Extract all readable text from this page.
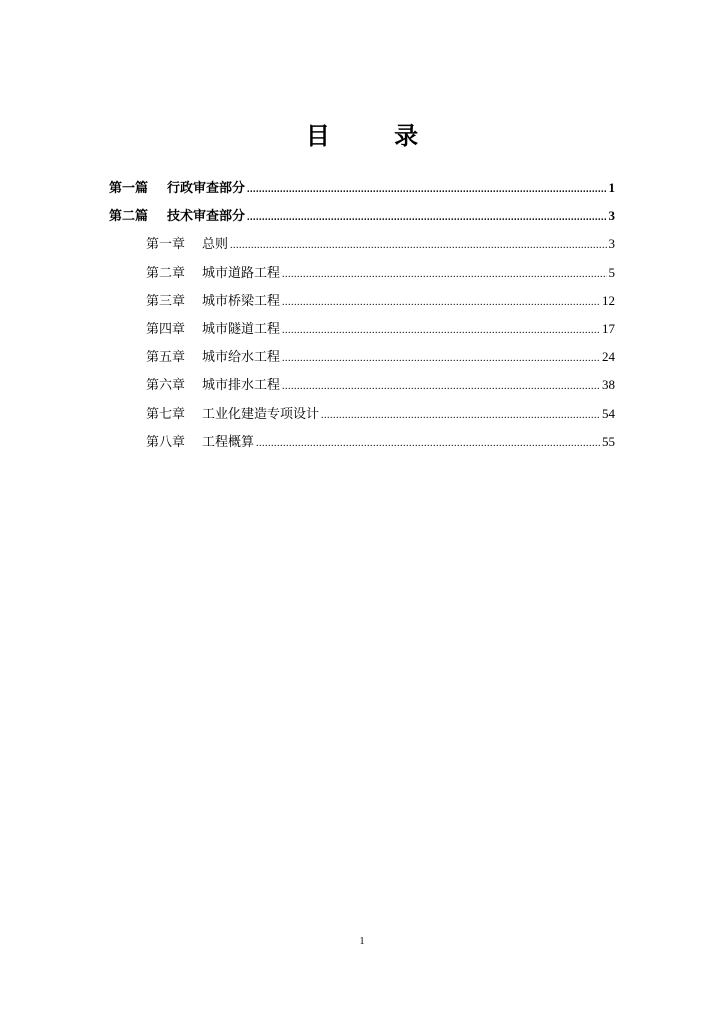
目 录
第一篇	行政审查部分 .....	1
第二篇	技术审查部分 .....	3
第一章	总则 .....	3
第二章	城市道路工程 .....	5
第三章	城市桥梁工程 .....	12
第四章	城市隧道工程 .....	17
第五章	城市给水工程 .....	24
第六章	城市排水工程 .....	38
第七章	工业化建造专项设计 .....	54
第八章	工程概算 .....	55
1
